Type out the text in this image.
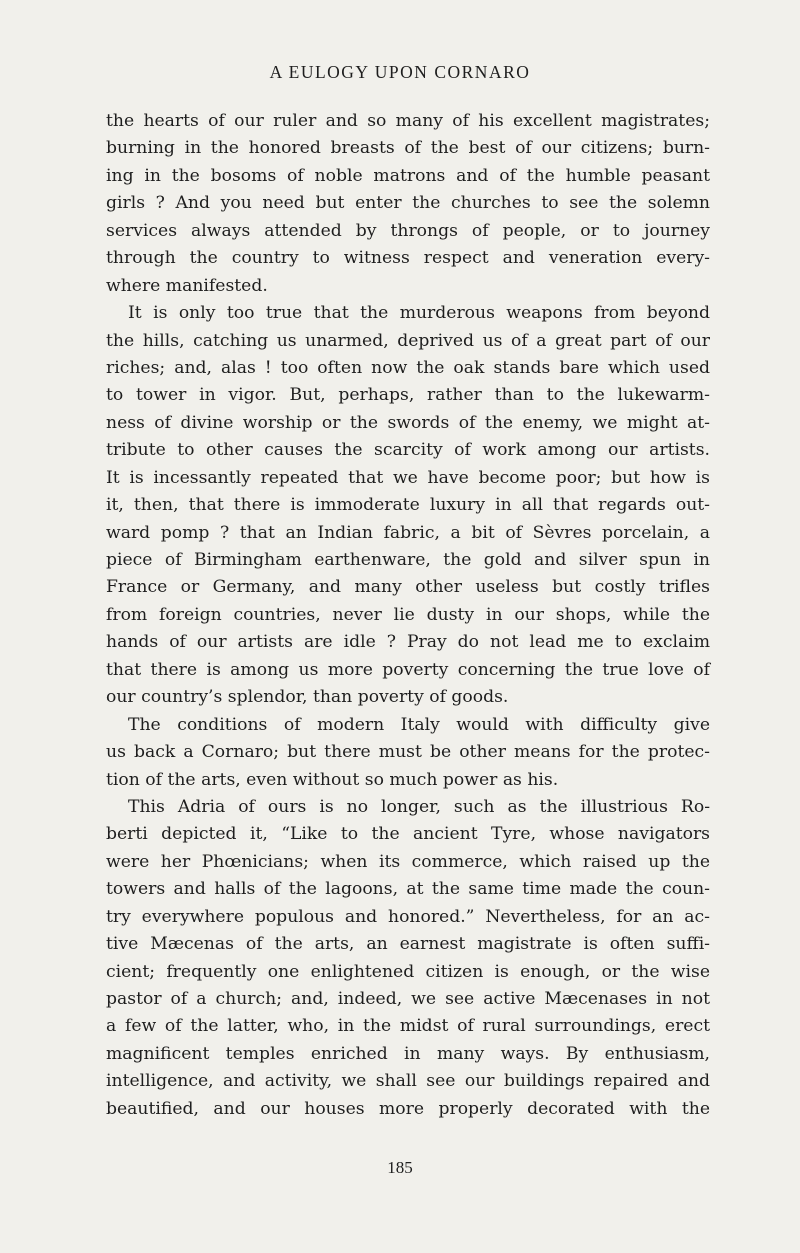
A EULOGY UPON CORNARO
the hearts of our ruler and so many of his excellent magistrates;
burning in the honored breasts of the best of our citizens; burn-
ing in the bosoms of noble matrons and of the humble peasant
girls ? And you need but enter the churches to see the solemn
services always attended by throngs of people, or to journey
through the country to witness respect and veneration every-
where manifested.
It is only too true that the murderous weapons from beyond
the hills, catching us unarmed, deprived us of a great part of our
riches; and, alas ! too often now the oak stands bare which used
to tower in vigor. But, perhaps, rather than to the lukewarm-
ness of divine worship or the swords of the enemy, we might at-
tribute to other causes the scarcity of work among our artists.
It is incessantly repeated that we have become poor; but how is
it, then, that there is immoderate luxury in all that regards out-
ward pomp ? that an Indian fabric, a bit of Sèvres porcelain, a
piece of Birmingham earthenware, the gold and silver spun in
France or Germany, and many other useless but costly trifles
from foreign countries, never lie dusty in our shops, while the
hands of our artists are idle ? Pray do not lead me to exclaim
that there is among us more poverty concerning the true love of
our country’s splendor, than poverty of goods.
The conditions of modern Italy would with difficulty give
us back a Cornaro; but there must be other means for the protec-
tion of the arts, even without so much power as his.
This Adria of ours is no longer, such as the illustrious Ro-
berti depicted it, “Like to the ancient Tyre, whose navigators
were her Phœnicians; when its commerce, which raised up the
towers and halls of the lagoons, at the same time made the coun-
try everywhere populous and honored.” Nevertheless, for an ac-
tive Mæcenas of the arts, an earnest magistrate is often suffi-
cient; frequently one enlightened citizen is enough, or the wise
pastor of a church; and, indeed, we see active Mæcenases in not
a few of the latter, who, in the midst of rural surroundings, erect
magnificent temples enriched in many ways. By enthusiasm,
intelligence, and activity, we shall see our buildings repaired and
beautified, and our houses more properly decorated with the
185
